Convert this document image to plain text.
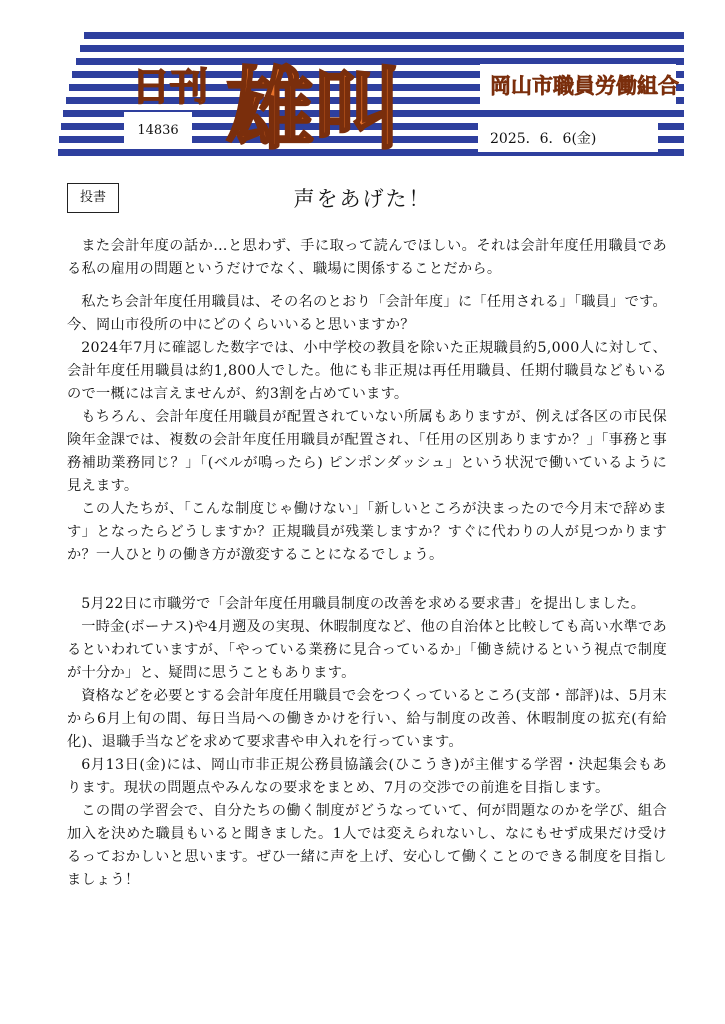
日刊 雄叫	岡山市職員労働組合
14836
2025．6．6(金)
投書	声をあげた！

また会計年度の話か…と思わず、手に取って読んでほしい。それは会計年度任用職員である私の雇用の問題というだけでなく、職場に関係することだから。

私たち会計年度任用職員は、その名のとおり「会計年度」に「任用される」「職員」です。今、岡山市役所の中にどのくらいいると思いますか？

2024年7月に確認した数字では、小中学校の教員を除いた正規職員約5,000人に対して、会計年度任用職員は約1,800人でした。他にも非正規は再任用職員、任期付職員などもいるので一概には言えませんが、約3割を占めています。

もちろん、会計年度任用職員が配置されていない所属もありますが、例えば各区の市民保険年金課では、複数の会計年度任用職員が配置され、「任用の区別ありますか？」「事務と事務補助業務同じ？」「(ベルが鳴ったら) ピンポンダッシュ」という状況で働いているように見えます。

この人たちが、「こんな制度じゃ働けない」「新しいところが決まったので今月末で辞めます」となったらどうしますか？正規職員が残業しますか？すぐに代わりの人が見つかりますか？一人ひとりの働き方が激変することになるでしょう。

5月22日に市職労で「会計年度任用職員制度の改善を求める要求書」を提出しました。

一時金(ボーナス)や4月遡及の実現、休暇制度など、他の自治体と比較しても高い水準であるといわれていますが、「やっている業務に見合っているか」「働き続けるという視点で制度が十分か」と、疑問に思うこともあります。

資格などを必要とする会計年度任用職員で会をつくっているところ(支部・部評)は、5月末から6月上旬の間、毎日当局への働きかけを行い、給与制度の改善、休暇制度の拡充(有給化)、退職手当などを求めて要求書や申入れを行っています。

6月13日(金)には、岡山市非正規公務員協議会(ひこうき)が主催する学習・決起集会もあります。現状の問題点やみんなの要求をまとめ、7月の交渉での前進を目指します。

この間の学習会で、自分たちの働く制度がどうなっていて、何が問題なのかを学び、組合加入を決めた職員もいると聞きました。1人では変えられないし、なにもせず成果だけ受けるっておかしいと思います。ぜひ一緒に声を上げ、安心して働くことのできる制度を目指しましょう！
